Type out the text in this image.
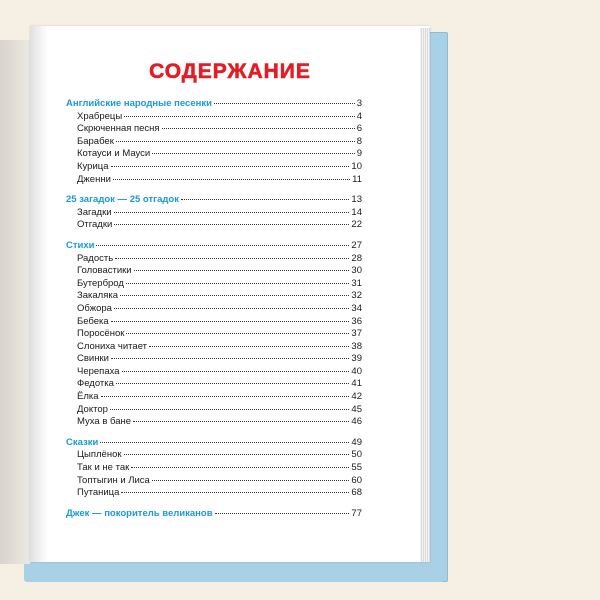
СОДЕРЖАНИЕ
Английские народные песенки	3
Храбрецы	4
Скрюченная песня	6
Барабек	8
Котауси и Мауси	9
Курица	10
Дженни	11
25 загадок — 25 отгадок	13
Загадки	14
Отгадки	22
Стихи	27
Радость	28
Головастики	30
Бутерброд	31
Закаляка	32
Обжора	34
Бебека	36
Поросёнок	37
Слониха читает	38
Свинки	39
Черепаха	40
Федотка	41
Ёлка	42
Доктор	45
Муха в бане	46
Сказки	49
Цыплёнок	50
Так и не так	55
Топтыгин и Лиса	60
Путаница	68
Джек — покоритель великанов	77
